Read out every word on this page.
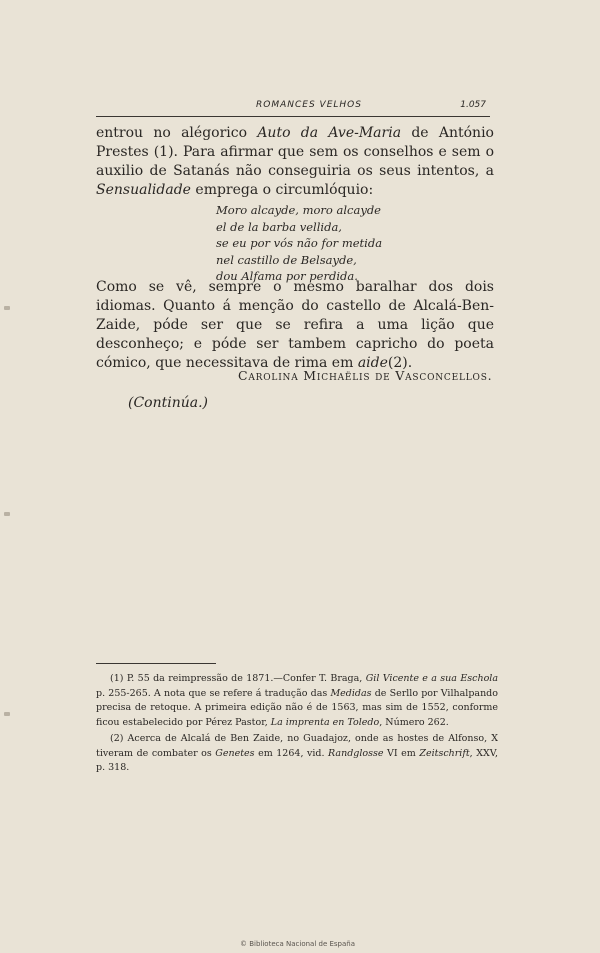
ROMANCES VELHOS	1.057
entrou no alégorico Auto da Ave-Maria de António Prestes (1). Para afirmar que sem os conselhos e sem o auxilio de Satanás não conseguiria os seus intentos, a Sensualidade emprega o circumlóquio:
Moro alcayde, moro alcayde
el de la barba vellida,
se eu por vós não for metida
nel castillo de Belsayde,
dou Alfama por perdida.
Como se vê, sempre o mesmo baralhar dos dois idiomas. Quanto á menção do castello de Alcalá-Ben-Zaide, póde ser que se refira a uma lição que desconheço; e póde ser tambem capricho do poeta cómico, que necessitava de rima em aide(2).
Carolina Michaëlis de Vasconcellos.
(Continúa.)

(1) P. 55 da reimpressão de 1871.—Confer T. Braga, Gil Vicente e a sua Eschola p. 255-265. A nota que se refere á tradução das Medidas de Serllo por Vilhalpando precisa de retoque. A primeira edição não é de 1563, mas sim de 1552, conforme ficou estabelecido por Pérez Pastor, La imprenta en Toledo, Número 262.

(2) Acerca de Alcalá de Ben Zaide, no Guadajoz, onde as hostes de Alfonso, X tiveram de combater os Genetes em 1264, vid. Randglosse VI em Zeitschrift, XXV, p. 318.

© Biblioteca Nacional de España
